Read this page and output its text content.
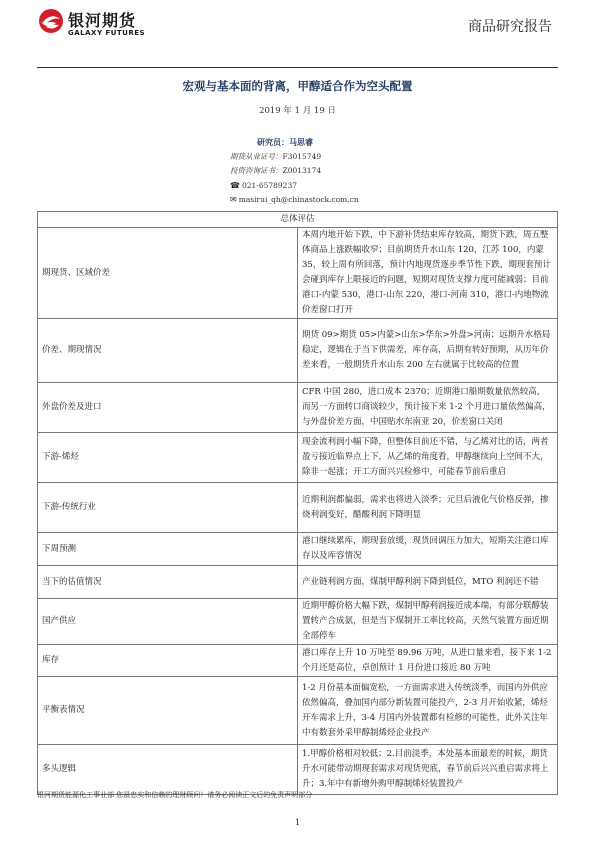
银河期货
GALAXY FUTURES	商品研究报告
宏观与基本面的背离，甲醇适合作为空头配置
2019 年 1 月 19 日
研究员：马思睿
期货从业证号：F3015749
投资咨询证书：Z0013174
☎ 021-65789237
✉ masirui_qh@chinastock.com.cn
总体评估	
期现货、区域价差	本周内地开始下跌，中下游补货结束库存较高，期货下跌，周五整体商品上涨跌幅收窄；目前期货升水山东 120，江苏 100，内蒙 35，较上周有所回落，预计内地现货逐步季节性下跌，期现套预计会碰到库存上限接近的问题，短期对现货支撑力度可能减弱；目前港口-内蒙 530，港口-山东 220，港口-河南 310，港口-内地物流价差窗口打开
价差、期现情况	期货 09>期货 05>内蒙>山东>华东>外盘>河南；远期升水格局稳定，逻辑在于当下供需差，库存高，后期有转好预期，从历年价差来看，一般期货升水山东 200 左右就属于比较高的位置
外盘价差及进口	CFR 中国 280，进口成本 2370；近期港口船期数量依然较高，而另一方面转口商谈较少，预计接下来 1-2 个月进口量依然偏高，与外盘价差方面，中国贴水东南亚 20，价差窗口关闭
下游-烯烃	现金流利润小幅下降，但整体目前还不错，与乙烯对比的话，两者盈亏接近临界点上下，从乙烯的角度看，甲醇继续向上空间不大，除非一起涨；开工方面兴兴检修中，可能春节前后重启
下游-传统行业	近期利润都偏弱，需求也将进入淡季；元旦后液化气价格反弹，掺烧利润变好，醋酸利润下降明显
下周预测	港口继续累库，期现套放缓，现货回调压力加大，短期关注港口库存以及库容情况
当下的估值情况	产业链利润方面，煤制甲醇利润下降到低位，MTO 利润还不错
国产供应	近期甲醇价格大幅下跌，煤制甲醇利润接近成本端，有部分联醇装置转产合成氨，但是当下煤制开工率比较高，天然气装置方面近期全部停车
库存	港口库存上升 10 万吨至 89.96 万吨，从进口量来看，接下来 1-2 个月还是高位，卓创预计 1 月份进口接近 80 万吨
平衡表情况	1-2 月份基本面偏宽松，一方面需求进入传统淡季，而国内外供应依然偏高，叠加国内部分新装置可能投产，2-3 月开始收紧，烯烃开车需求上升，3-4 月国内外装置都有检修的可能性，此外关注年中有数套外采甲醇制烯烃企业投产
多头逻辑	1.甲醇价格相对较低；2.目前淡季，本处基本面最差的时候，期货升水可能带动期现套需求对现货兜底，春节前后兴兴重启需求将上升；3.年中有新增外购甲醇制烯烃装置投产
银河期货能源化工事业部 您最忠实和信赖的理财顾问！请务必阅读正文后的免责声明部分
1
